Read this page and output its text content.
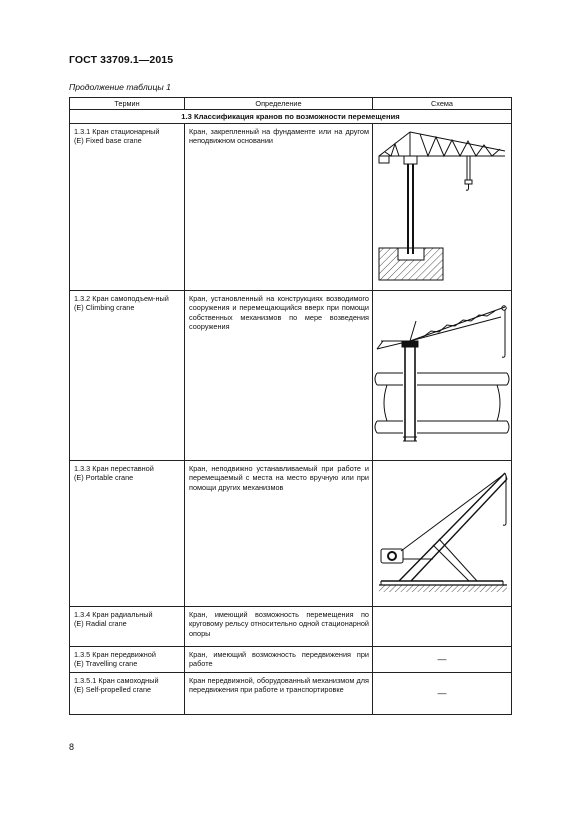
ГОСТ 33709.1—2015
Продолжение таблицы 1
Термин	Определение	Схема
1.3 Классификация кранов по возможности перемещения		

1.3.1 Кран стационарный
(E) Fixed base crane	Кран, закрепленный на фундаменте или на другом неподвижном основании	

1.3.2 Кран самоподъем-ный
(E) Climbing crane	Кран, установленный на конструкциях возводимого сооружения и перемещающийся вверх при помощи собственных механизмов по мере возведения сооружения	

1.3.3 Кран переставной
(E) Portable crane	Кран, неподвижно устанавливаемый при работе и перемещаемый с места на место вручную или при помощи других механизмов	

1.3.4 Кран радиальный
(E) Radial crane	Кран, имеющий возможность перемещения по круговому рельсу относительно одной стационарной опоры	

1.3.5 Кран передвижной
(E) Travelling crane	Кран, имеющий возможность передвижения при работе	—

1.3.5.1 Кран самоходный
(E) Self-propelled crane	Кран передвижной, оборудованный механизмом для передвижения при работе и транспортировке	—
8
